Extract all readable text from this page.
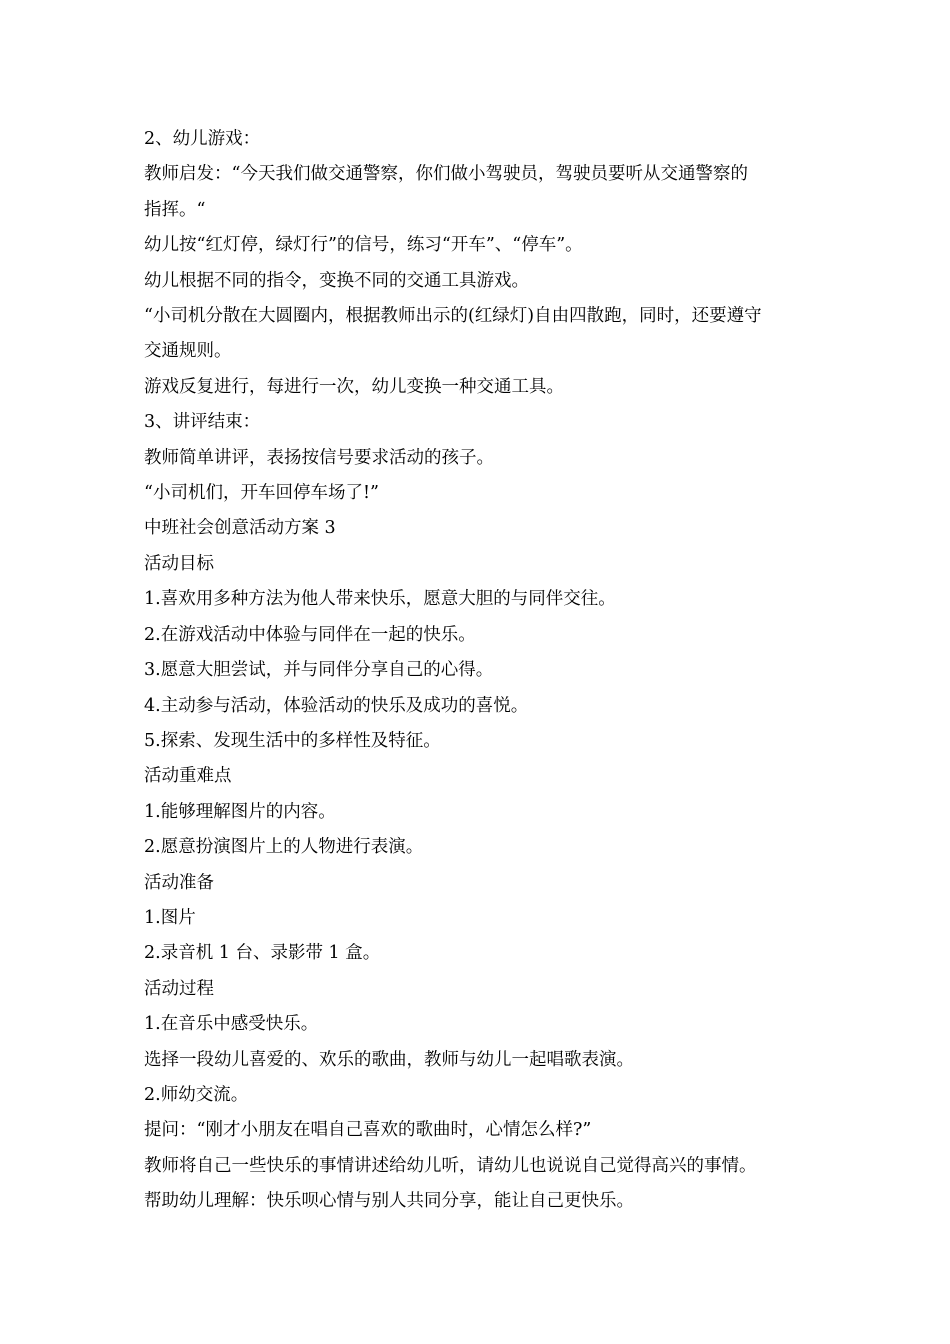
2、幼儿游戏：

教师启发：“今天我们做交通警察，你们做小驾驶员，驾驶员要听从交通警察的

指挥。“

幼儿按“红灯停，绿灯行”的信号，练习“开车”、“停车”。

幼儿根据不同的指令，变换不同的交通工具游戏。

“小司机分散在大圆圈内，根据教师出示的(红绿灯)自由四散跑，同时，还要遵守

交通规则。

游戏反复进行，每进行一次，幼儿变换一种交通工具。

3、讲评结束：

教师简单讲评，表扬按信号要求活动的孩子。

“小司机们，开车回停车场了!”

中班社会创意活动方案 3

活动目标

1.喜欢用多种方法为他人带来快乐，愿意大胆的与同伴交往。

2.在游戏活动中体验与同伴在一起的快乐。

3.愿意大胆尝试，并与同伴分享自己的心得。

4.主动参与活动，体验活动的快乐及成功的喜悦。

5.探索、发现生活中的多样性及特征。

活动重难点

1.能够理解图片的内容。

2.愿意扮演图片上的人物进行表演。

活动准备

1.图片

2.录音机 1 台、录影带 1 盒。

活动过程

1.在音乐中感受快乐。

选择一段幼儿喜爱的、欢乐的歌曲，教师与幼儿一起唱歌表演。

2.师幼交流。

提问：“刚才小朋友在唱自己喜欢的歌曲时，心情怎么样?”

教师将自己一些快乐的事情讲述给幼儿听，请幼儿也说说自己觉得高兴的事情。

帮助幼儿理解：快乐呗心情与别人共同分享，能让自己更快乐。
